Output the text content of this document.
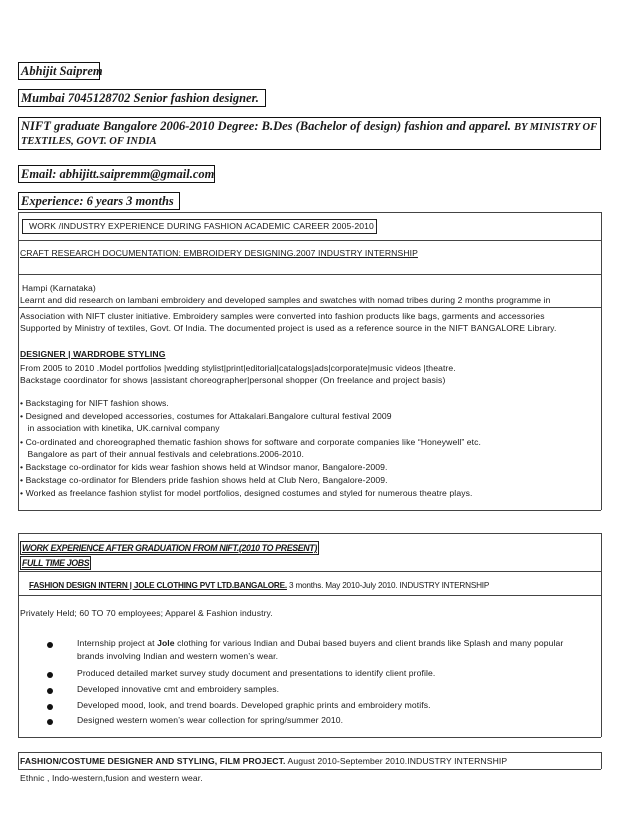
Abhijit Saiprem
Mumbai 7045128702 Senior fashion designer.
NIFT graduate Bangalore 2006-2010 Degree: B.Des (Bachelor of design) fashion and apparel. BY MINISTRY OF
TEXTILES, GOVT. OF INDIA
Email: abhijitt.saipremm@gmail.com
Experience: 6 years 3 months
WORK /INDUSTRY EXPERIENCE DURING FASHION ACADEMIC CAREER 2005-2010
CRAFT RESEARCH DOCUMENTATION: EMBROIDERY DESIGNING.2007 INDUSTRY INTERNSHIP
Hampi (Karnataka)
Learnt and did research on lambani embroidery and developed samples and swatches with nomad tribes during 2 months programme in
Association with NIFT cluster initiative. Embroidery samples were converted into fashion products like bags, garments and accessories
Supported by Ministry of textiles, Govt. Of India. The documented project is used as a reference source in the NIFT BANGALORE Library.
DESIGNER | WARDROBE STYLING
From 2005 to 2010 .Model portfolios |wedding stylist|print|editorial|catalogs|ads|corporate|music videos |theatre.
Backstage coordinator for shows |assistant choreographer|personal shopper (On freelance and project basis)
• Backstaging for NIFT fashion shows.
• Designed and developed accessories, costumes for Attakalari.Bangalore cultural festival 2009
in association with kinetika, UK.carnival company
• Co-ordinated and choreographed thematic fashion shows for software and corporate companies like “Honeywell” etc.
Bangalore as part of their annual festivals and celebrations.2006-2010.
• Backstage co-ordinator for kids wear fashion shows held at Windsor manor, Bangalore-2009.
• Backstage co-ordinator for Blenders pride fashion shows held at Club Nero, Bangalore-2009.
• Worked as freelance fashion stylist for model portfolios, designed costumes and styled for numerous theatre plays.
WORK EXPERIENCE AFTER GRADUATION FROM NIFT.(2010 TO PRESENT)
FULL TIME JOBS
FASHION DESIGN INTERN | JOLE CLOTHING PVT LTD.BANGALORE. 3 months. May 2010-July 2010. INDUSTRY INTERNSHIP
Privately Held; 60 TO 70 employees; Apparel & Fashion industry.
Internship project at Jole clothing for various Indian and Dubai based buyers and client brands like Splash and many popular
brands involving Indian and western women’s wear.
Produced detailed market survey study document and presentations to identify client profile.
Developed innovative cmt and embroidery samples.
Developed mood, look, and trend boards. Developed graphic prints and embroidery motifs.
Designed western women’s wear collection for spring/summer 2010.
FASHION/COSTUME DESIGNER AND STYLING, FILM PROJECT. August 2010-September 2010.INDUSTRY INTERNSHIP
Ethnic , Indo-western,fusion and western wear.
